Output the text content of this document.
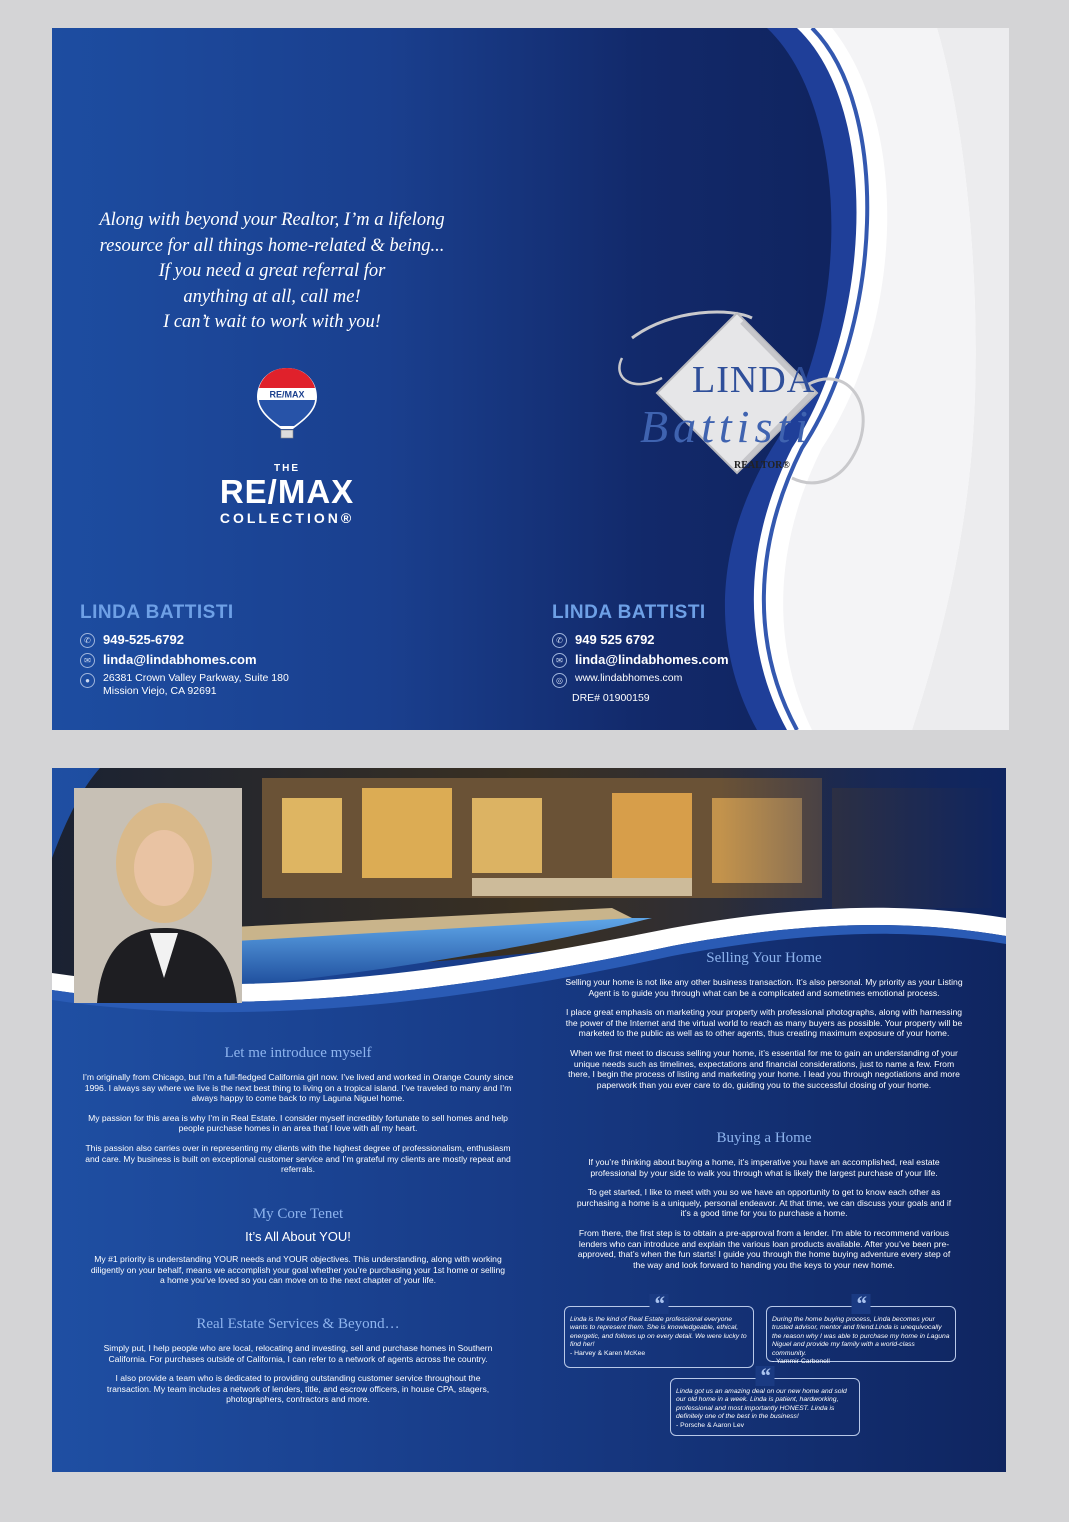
Along with beyond your Realtor, I’m a lifelong
resource for all things home-related & being...
If you need a great referral for
anything at all, call me!
I can’t wait to work with you!
RE/MAX
THE
RE/MAX
COLLECTION®
LINDA
Battisti
REALTOR®
LINDA BATTISTI
✆ 949-525-6792
✉ linda@lindabhomes.com
●	26381 Crown Valley Parkway, Suite 180
Mission Viejo, CA 92691
LINDA BATTISTI
✆ 949 525 6792
✉ linda@lindabhomes.com
◎	www.lindabhomes.com
DRE# 01900159
Let me introduce myself

I’m originally from Chicago, but I’m a full-fledged California girl now. I’ve lived and worked in Orange County since 1996. I always say where we live is the next best thing to living on a tropical island. I’ve traveled to many and I’m always happy to come back to my Laguna Niguel home.

My passion for this area is why I’m in Real Estate. I consider myself incredibly fortunate to sell homes and help people purchase homes in an area that I love with all my heart.

This passion also carries over in representing my clients with the highest degree of professionalism, enthusiasm and care. My business is built on exceptional customer service and I’m grateful my clients are mostly repeat and referrals.

My Core Tenet
It’s All About YOU!

My #1 priority is understanding YOUR needs and YOUR objectives. This understanding, along with working diligently on your behalf, means we accomplish your goal whether you’re purchasing your 1st home or selling a home you’ve loved so you can move on to the next chapter of your life.

Real Estate Services & Beyond…

Simply put, I help people who are local, relocating and investing, sell and purchase homes in Southern California. For purchases outside of California, I can refer to a network of agents across the country.

I also provide a team who is dedicated to providing outstanding customer service throughout the transaction. My team includes a network of lenders, title, and escrow officers, in house CPA, stagers, photographers, contractors and more.

Selling Your Home

Selling your home is not like any other business transaction. It’s also personal. My priority as your Listing Agent is to guide you through what can be a complicated and sometimes emotional process.

I place great emphasis on marketing your property with professional photographs, along with harnessing the power of the Internet and the virtual world to reach as many buyers as possible. Your property will be marketed to the public as well as to other agents, thus creating maximum exposure of your home.

When we first meet to discuss selling your home, it’s essential for me to gain an understanding of your unique needs such as timelines, expectations and financial considerations, just to name a few. From there, I begin the process of listing and marketing your home. I lead you through negotiations and more paperwork than you ever care to do, guiding you to the successful closing of your home.

Buying a Home

If you’re thinking about buying a home, it’s imperative you have an accomplished, real estate professional by your side to walk you through what is likely the largest purchase of your life.

To get started, I like to meet with you so we have an opportunity to get to know each other as purchasing a home is a uniquely, personal endeavor. At that time, we can discuss your goals and if it’s a good time for you to purchase a home.

From there, the first step is to obtain a pre-approval from a lender. I’m able to recommend various lenders who can introduce and explain the various loan products available. After you’ve been pre-approved, that’s when the fun starts! I guide you through the home buying adventure every step of the way and look forward to handing you the keys to your new home.

“
Linda is the kind of Real Estate professional everyone wants to represent them. She is knowledgeable, ethical, energetic, and follows up on every detail. We were lucky to find her!
- Harvey & Karen McKee
“
During the home buying process, Linda becomes your trusted advisor, mentor and friend.Linda is unequivocally the reason why I was able to purchase my home in Laguna Niguel and provide my family with a world-class community.
- Yammir Carbonell
“
Linda got us an amazing deal on our new home and sold our old home in a week. Linda is patient, hardworking, professional and most importantly HONEST. Linda is definitely one of the best in the business!
- Porsche & Aaron Lev
